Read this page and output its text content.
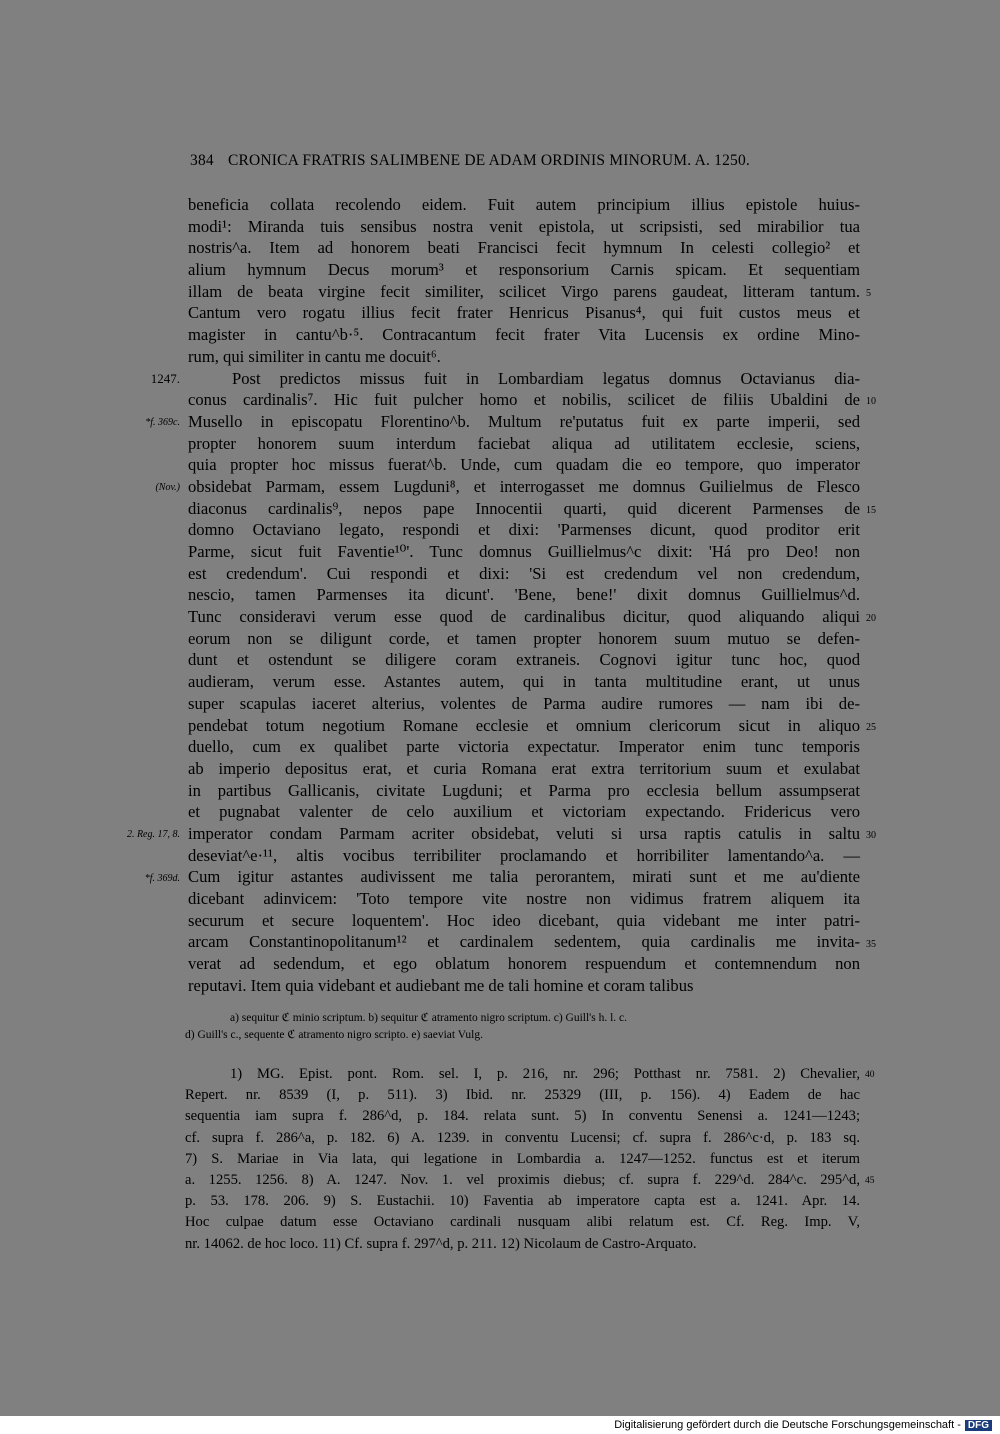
384 CRONICA FRATRIS SALIMBENE DE ADAM ORDINIS MINORUM. A. 1250.
beneficia collata recolendo eidem. Fuit autem principium illius epistole huius-
modi¹: Miranda tuis sensibus nostra venit epistola, ut scripsisti, sed mirabilior tua
nostris^a. Item ad honorem beati Francisci fecit hymnum In celesti collegio² et
alium hymnum Decus morum³ et responsorium Carnis spicam. Et sequentiam
illam de beata virgine fecit similiter, scilicet Virgo parens gaudeat, litteram tantum.
Cantum vero rogatu illius fecit frater Henricus Pisanus⁴, qui fuit custos meus et
magister in cantu^b·⁵. Contracantum fecit frater Vita Lucensis ex ordine Mino-
rum, qui similiter in cantu me docuit⁶.
Post predictos missus fuit in Lombardiam legatus domnus Octavianus dia-
conus cardinalis⁷. Hic fuit pulcher homo et nobilis, scilicet de filiis Ubaldini de
Musello in episcopatu Florentino^b. Multum re'putatus fuit ex parte imperii, sed
propter honorem suum interdum faciebat aliqua ad utilitatem ecclesie, sciens,
quia propter hoc missus fuerat^b. Unde, cum quadam die eo tempore, quo imperator
obsidebat Parmam, essem Lugduni⁸, et interrogasset me domnus Guilielmus de Flesco
diaconus cardinalis⁹, nepos pape Innocentii quarti, quid dicerent Parmenses de
domno Octaviano legato, respondi et dixi: 'Parmenses dicunt, quod proditor erit
Parme, sicut fuit Faventie¹⁰'. Tunc domnus Guillielmus^c dixit: 'Há pro Deo! non
est credendum'. Cui respondi et dixi: 'Si est credendum vel non credendum,
nescio, tamen Parmenses ita dicunt'. 'Bene, bene!' dixit domnus Guillielmus^d.
Tunc consideravi verum esse quod de cardinalibus dicitur, quod aliquando aliqui
eorum non se diligunt corde, et tamen propter honorem suum mutuo se defen-
dunt et ostendunt se diligere coram extraneis. Cognovi igitur tunc hoc, quod
audieram, verum esse. Astantes autem, qui in tanta multitudine erant, ut unus
super scapulas iaceret alterius, volentes de Parma audire rumores — nam ibi de-
pendebat totum negotium Romane ecclesie et omnium clericorum sicut in aliquo
duello, cum ex qualibet parte victoria expectatur. Imperator enim tunc temporis
ab imperio depositus erat, et curia Romana erat extra territorium suum et exulabat
in partibus Gallicanis, civitate Lugduni; et Parma pro ecclesia bellum assumpserat
et pugnabat valenter de celo auxilium et victoriam expectando. Fridericus vero
imperator condam Parmam acriter obsidebat, veluti si ursa raptis catulis in saltu
deseviat^e·¹¹, altis vocibus terribiliter proclamando et horribiliter lamentando^a. —
Cum igitur astantes audivissent me talia perorantem, mirati sunt et me au'diente
dicebant adinvicem: 'Toto tempore vite nostre non vidimus fratrem aliquem ita
securum et secure loquentem'. Hoc ideo dicebant, quia videbant me inter patri-
arcam Constantinopolitanum¹² et cardinalem sedentem, quia cardinalis me invita-
verat ad sedendum, et ego oblatum honorem respuendum et contemnendum non
reputavi. Item quia videbant et audiebant me de tali homine et coram talibus
1247.
*f. 369c.
(Nov.)
2. Reg. 17, 8.
*f. 369d.
5
10
15
20
25
30
35
a) sequitur ℭ minio scriptum. b) sequitur ℭ atramento nigro scriptum. c) Guill's h. l. c.
d) Guill's c., sequente ℭ atramento nigro scripto. e) saeviat Vulg.
1) MG. Epist. pont. Rom. sel. I, p. 216, nr. 296; Potthast nr. 7581. 2) Chevalier,
Repert. nr. 8539 (I, p. 511). 3) Ibid. nr. 25329 (III, p. 156). 4) Eadem de hac
sequentia iam supra f. 286^d, p. 184. relata sunt. 5) In conventu Senensi a. 1241—1243;
cf. supra f. 286^a, p. 182. 6) A. 1239. in conventu Lucensi; cf. supra f. 286^c·d, p. 183 sq.
7) S. Mariae in Via lata, qui legatione in Lombardia a. 1247—1252. functus est et iterum
a. 1255. 1256. 8) A. 1247. Nov. 1. vel proximis diebus; cf. supra f. 229^d. 284^c. 295^d,
p. 53. 178. 206. 9) S. Eustachii. 10) Faventia ab imperatore capta est a. 1241. Apr. 14.
Hoc culpae datum esse Octaviano cardinali nusquam alibi relatum est. Cf. Reg. Imp. V,
nr. 14062. de hoc loco. 11) Cf. supra f. 297^d, p. 211. 12) Nicolaum de Castro-Arquato.
40
45
Digitalisierung gefördert durch die Deutsche Forschungsgemeinschaft - DFG
